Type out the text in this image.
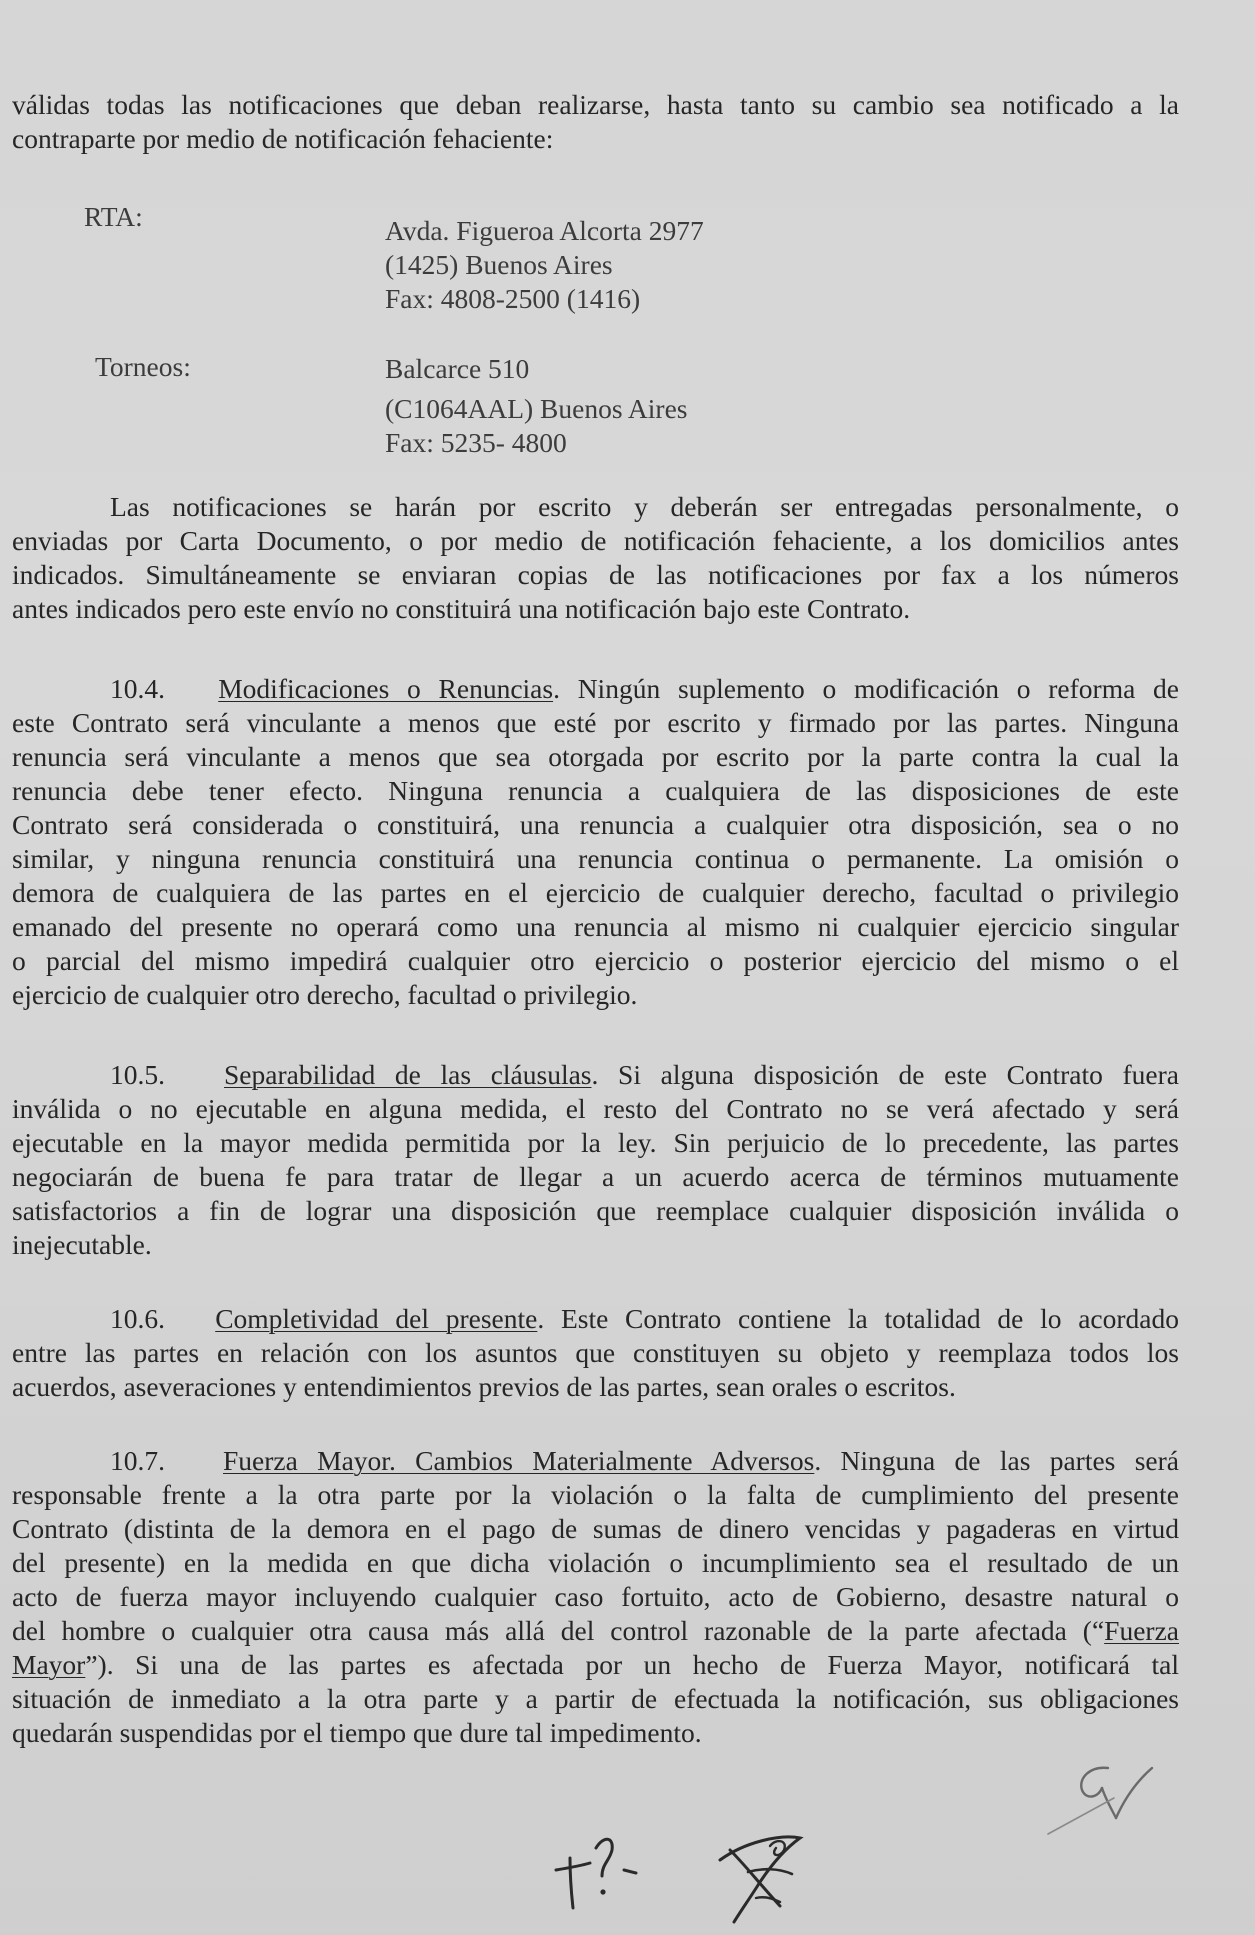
válidas todas las notificaciones que deban realizarse, hasta tanto su cambio sea notificado a la
contraparte por medio de notificación fehaciente:
RTA:	Avda. Figueroa Alcorta 2977
(1425) Buenos Aires
Fax: 4808-2500 (1416)
Torneos:	Balcarce 510
(C1064AAL) Buenos Aires
Fax: 5235- 4800
Las notificaciones se harán por escrito y deberán ser entregadas personalmente, o
enviadas por Carta Documento, o por medio de notificación fehaciente, a los domicilios antes
indicados. Simultáneamente se enviaran copias de las notificaciones por fax a los números
antes indicados pero este envío no constituirá una notificación bajo este Contrato.
10.4. Modificaciones o Renuncias. Ningún suplemento o modificación o reforma de
este Contrato será vinculante a menos que esté por escrito y firmado por las partes. Ninguna
renuncia será vinculante a menos que sea otorgada por escrito por la parte contra la cual la
renuncia debe tener efecto. Ninguna renuncia a cualquiera de las disposiciones de este
Contrato será considerada o constituirá, una renuncia a cualquier otra disposición, sea o no
similar, y ninguna renuncia constituirá una renuncia continua o permanente. La omisión o
demora de cualquiera de las partes en el ejercicio de cualquier derecho, facultad o privilegio
emanado del presente no operará como una renuncia al mismo ni cualquier ejercicio singular
o parcial del mismo impedirá cualquier otro ejercicio o posterior ejercicio del mismo o el
ejercicio de cualquier otro derecho, facultad o privilegio.
10.5. Separabilidad de las cláusulas. Si alguna disposición de este Contrato fuera
inválida o no ejecutable en alguna medida, el resto del Contrato no se verá afectado y será
ejecutable en la mayor medida permitida por la ley. Sin perjuicio de lo precedente, las partes
negociarán de buena fe para tratar de llegar a un acuerdo acerca de términos mutuamente
satisfactorios a fin de lograr una disposición que reemplace cualquier disposición inválida o
inejecutable.
10.6. Completividad del presente. Este Contrato contiene la totalidad de lo acordado
entre las partes en relación con los asuntos que constituyen su objeto y reemplaza todos los
acuerdos, aseveraciones y entendimientos previos de las partes, sean orales o escritos.
10.7. Fuerza Mayor. Cambios Materialmente Adversos. Ninguna de las partes será
responsable frente a la otra parte por la violación o la falta de cumplimiento del presente
Contrato (distinta de la demora en el pago de sumas de dinero vencidas y pagaderas en virtud
del presente) en la medida en que dicha violación o incumplimiento sea el resultado de un
acto de fuerza mayor incluyendo cualquier caso fortuito, acto de Gobierno, desastre natural o
del hombre o cualquier otra causa más allá del control razonable de la parte afectada (“Fuerza
Mayor”). Si una de las partes es afectada por un hecho de Fuerza Mayor, notificará tal
situación de inmediato a la otra parte y a partir de efectuada la notificación, sus obligaciones
quedarán suspendidas por el tiempo que dure tal impedimento.
